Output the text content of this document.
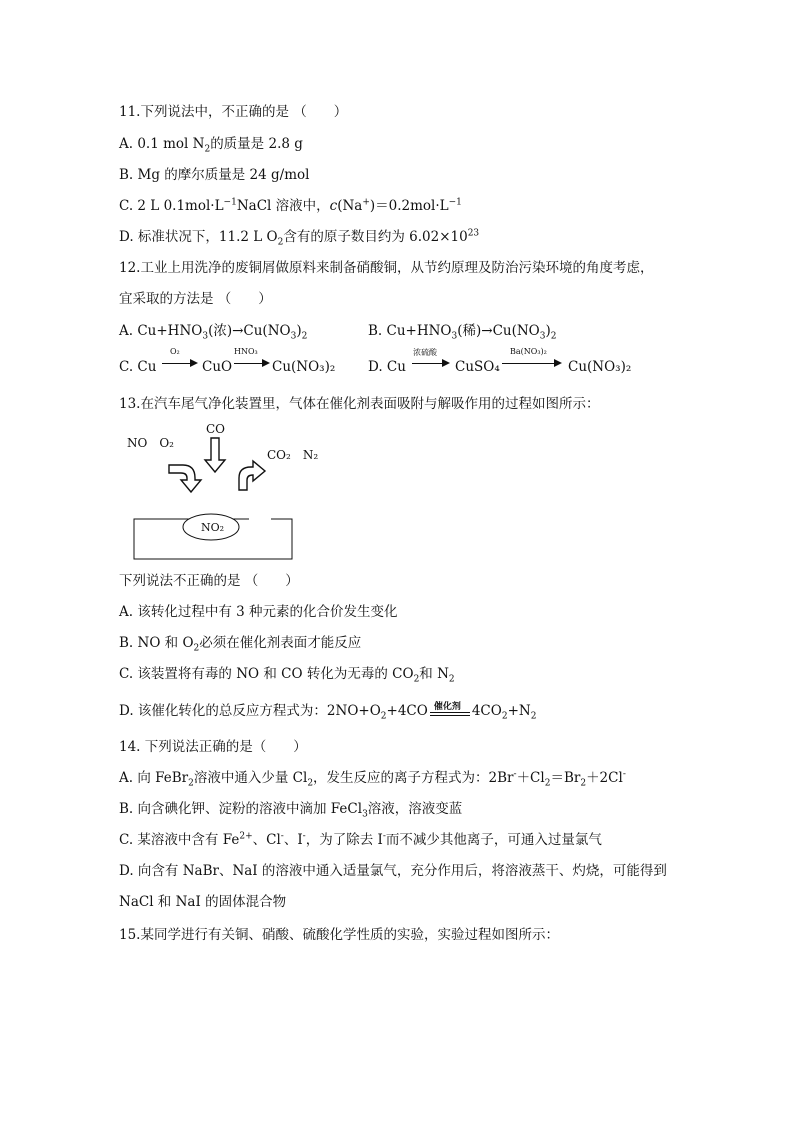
11.下列说法中，不正确的是 （　　）
A. 0.1 mol $N_2$的质量是 2.8 g
B. Mg 的摩尔质量是 24 g/mol
C. 2 L $0.1mol\cdot L^{-1}NaCl$ 溶液中，$c(Na^+)=0.2mol\cdot L^{-1}$
D. 标准状况下，11.2 L $O_2$含有的原子数目约为 $6.02\times 10^{23}$
12.工业上用洗净的废铜屑做原料来制备硝酸铜，从节约原理及防治污染环境的角度考虑，
宜采取的方法是 （　　）
A. $Cu+HNO_3$(浓)$\to Cu(NO_3)_2$	B. $Cu+HNO_3$(稀)$\to Cu(NO_3)_2$
C. Cu
O₂
CuO
HNO₃
Cu(NO₃)₂ D. Cu
浓硫酸
CuSO₄
Ba(NO₃)₂
Cu(NO₃)₂
13.在汽车尾气净化装置里，气体在催化剂表面吸附与解吸作用的过程如图所示：
NO　O₂
CO
CO₂　N₂
NO₂
下列说法不正确的是 （　　）
A. 该转化过程中有 3 种元素的化合价发生变化
B. NO 和 $O_2$必须在催化剂表面才能反应
C. 该装置将有毒的 NO 和 CO 转化为无毒的 $CO_2$和 $N_2$
D. 该催化转化的总反应方程式为：$2NO+O_2+4CO$ 催化剂 $4CO_2+N_2$
14. 下列说法正确的是（　　）
A. 向 FeBr$_2$溶液中通入少量 $Cl_2$，发生反应的离子方程式为：$2Br^-+Cl_2=Br_2+2Cl^-$
B. 向含碘化钾、淀粉的溶液中滴加 FeCl$_3$溶液，溶液变蓝
C. 某溶液中含有 $Fe^{2+}$、Cl-、I-，为了除去 I-而不减少其他离子，可通入过量氯气
D. 向含有 NaBr、NaI 的溶液中通入适量氯气，充分作用后，将溶液蒸干、灼烧，可能得到
NaCl 和 NaI 的固体混合物
15.某同学进行有关铜、硝酸、硫酸化学性质的实验，实验过程如图所示：
